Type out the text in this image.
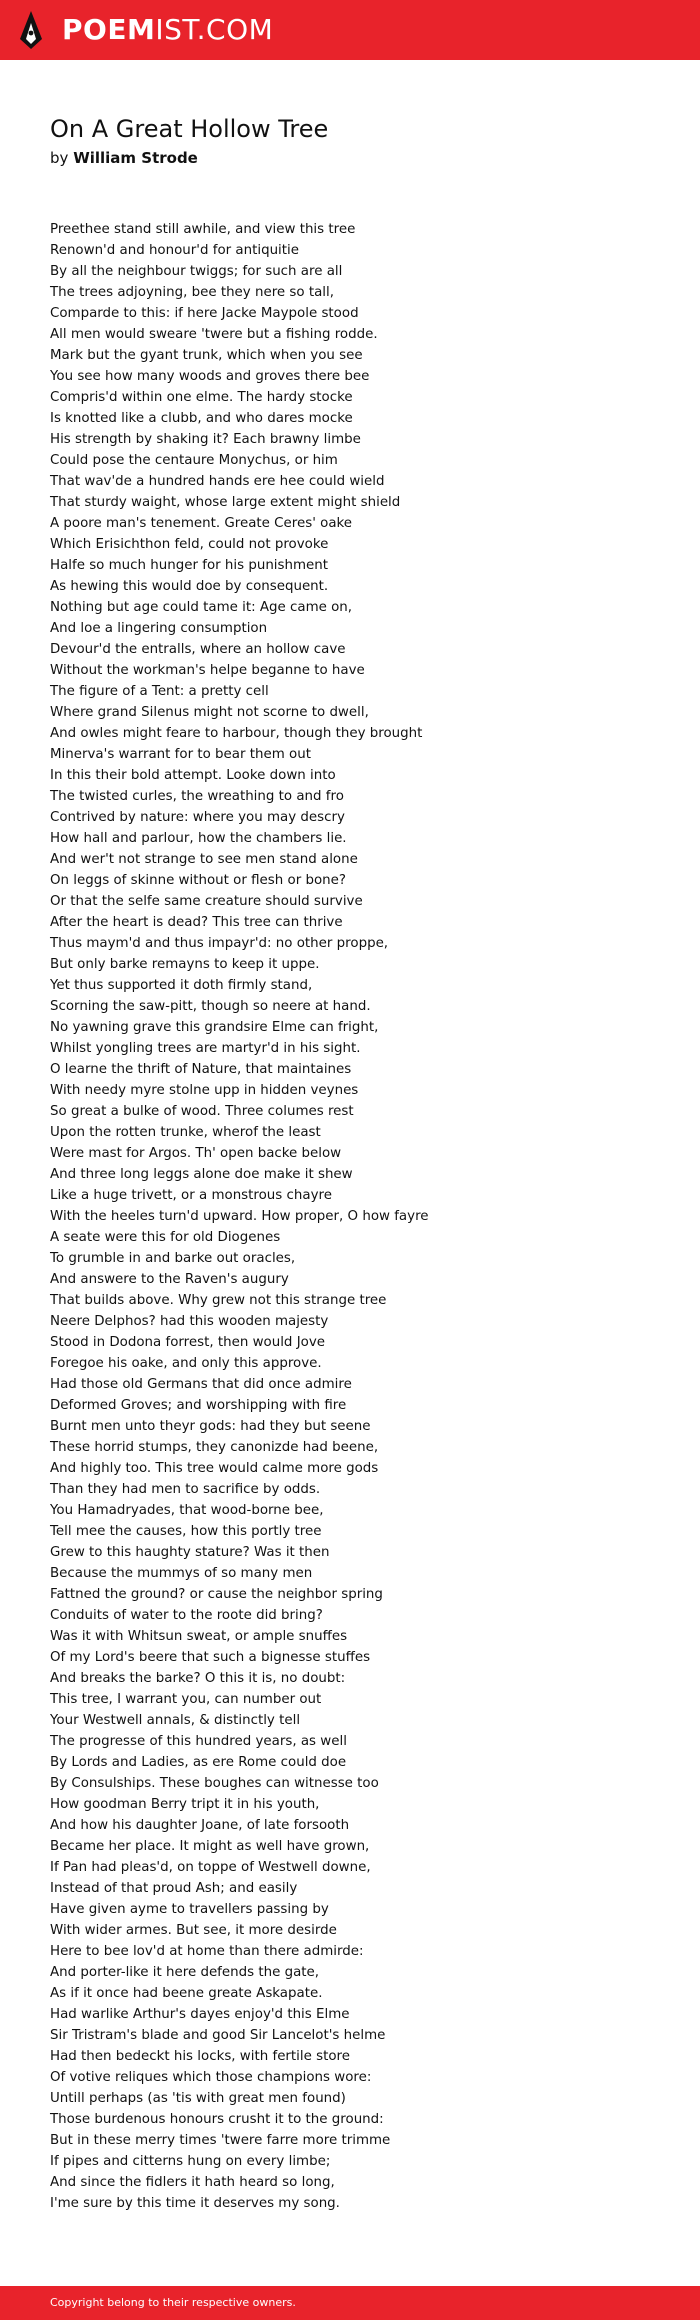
POEMIST.COM
On A Great Hollow Tree
by William Strode
Preethee stand still awhile, and view this tree
Renown'd and honour'd for antiquitie
By all the neighbour twiggs; for such are all
The trees adjoyning, bee they nere so tall,
Comparde to this: if here Jacke Maypole stood
All men would sweare 'twere but a fishing rodde.
Mark but the gyant trunk, which when you see
You see how many woods and groves there bee
Compris'd within one elme. The hardy stocke
Is knotted like a clubb, and who dares mocke
His strength by shaking it? Each brawny limbe
Could pose the centaure Monychus, or him
That wav'de a hundred hands ere hee could wield
That sturdy waight, whose large extent might shield
A poore man's tenement. Greate Ceres' oake
Which Erisichthon feld, could not provoke
Halfe so much hunger for his punishment
As hewing this would doe by consequent.
Nothing but age could tame it: Age came on,
And loe a lingering consumption
Devour'd the entralls, where an hollow cave
Without the workman's helpe beganne to have
The figure of a Tent: a pretty cell
Where grand Silenus might not scorne to dwell,
And owles might feare to harbour, though they brought
Minerva's warrant for to bear them out
In this their bold attempt. Looke down into
The twisted curles, the wreathing to and fro
Contrived by nature: where you may descry
How hall and parlour, how the chambers lie.
And wer't not strange to see men stand alone
On leggs of skinne without or flesh or bone?
Or that the selfe same creature should survive
After the heart is dead? This tree can thrive
Thus maym'd and thus impayr'd: no other proppe,
But only barke remayns to keep it uppe.
Yet thus supported it doth firmly stand,
Scorning the saw-pitt, though so neere at hand.
No yawning grave this grandsire Elme can fright,
Whilst yongling trees are martyr'd in his sight.
O learne the thrift of Nature, that maintaines
With needy myre stolne upp in hidden veynes
So great a bulke of wood. Three columes rest
Upon the rotten trunke, wherof the least
Were mast for Argos. Th' open backe below
And three long leggs alone doe make it shew
Like a huge trivett, or a monstrous chayre
With the heeles turn'd upward. How proper, O how fayre
A seate were this for old Diogenes
To grumble in and barke out oracles,
And answere to the Raven's augury
That builds above. Why grew not this strange tree
Neere Delphos? had this wooden majesty
Stood in Dodona forrest, then would Jove
Foregoe his oake, and only this approve.
Had those old Germans that did once admire
Deformed Groves; and worshipping with fire
Burnt men unto theyr gods: had they but seene
These horrid stumps, they canonizde had beene,
And highly too. This tree would calme more gods
Than they had men to sacrifice by odds.
You Hamadryades, that wood-borne bee,
Tell mee the causes, how this portly tree
Grew to this haughty stature? Was it then
Because the mummys of so many men
Fattned the ground? or cause the neighbor spring
Conduits of water to the roote did bring?
Was it with Whitsun sweat, or ample snuffes
Of my Lord's beere that such a bignesse stuffes
And breaks the barke? O this it is, no doubt:
This tree, I warrant you, can number out
Your Westwell annals, & distinctly tell
The progresse of this hundred years, as well
By Lords and Ladies, as ere Rome could doe
By Consulships. These boughes can witnesse too
How goodman Berry tript it in his youth,
And how his daughter Joane, of late forsooth
Became her place. It might as well have grown,
If Pan had pleas'd, on toppe of Westwell downe,
Instead of that proud Ash; and easily
Have given ayme to travellers passing by
With wider armes. But see, it more desirde
Here to bee lov'd at home than there admirde:
And porter-like it here defends the gate,
As if it once had beene greate Askapate.
Had warlike Arthur's dayes enjoy'd this Elme
Sir Tristram's blade and good Sir Lancelot's helme
Had then bedeckt his locks, with fertile store
Of votive reliques which those champions wore:
Untill perhaps (as 'tis with great men found)
Those burdenous honours crusht it to the ground:
But in these merry times 'twere farre more trimme
If pipes and citterns hung on every limbe;
And since the fidlers it hath heard so long,
I'me sure by this time it deserves my song.
Copyright belong to their respective owners.
